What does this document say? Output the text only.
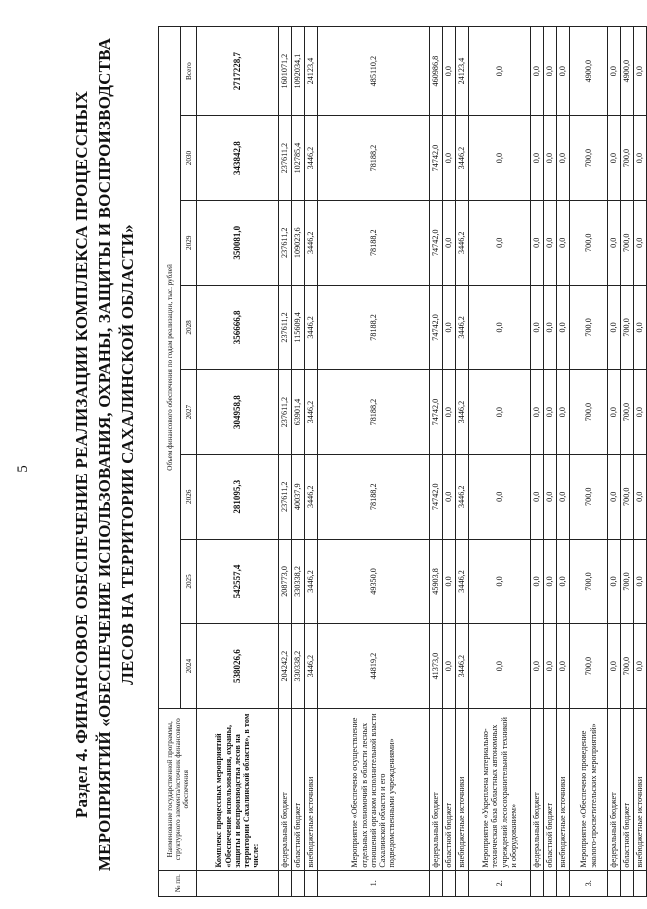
5 Раздел 4. ФИНАНСОВОЕ ОБЕСПЕЧЕНИЕ РЕАЛИЗАЦИИ КОМПЛЕКСА ПРОЦЕССНЫХ МЕРОПРИЯТИЙ «ОБЕСПЕЧЕНИЕ ИСПОЛЬЗОВАНИЯ, ОХРАНЫ, ЗАЩИТЫ И ВОСПРОИЗВОДСТВА ЛЕСОВ НА ТЕРРИТОРИИ САХАЛИНСКОЙ ОБЛАСТИ»
№ пп.	Наименование государственной программы, структурного элемента/источник финансового обеспечения	Объем финансового обеспечения по годам реализации, тыс. рублей							
		2024	2025	2026	2027	2028	2029	2030	Всего
	Комплекс процессных мероприятий «Обеспечение использования, охраны, защиты и воспроизводства лесов на территории Сахалинской области», в том числе:	538026,6	542557,4	281095,3	304958,8	356666,8	350081,0	343842,8	2717228,7
	федеральный бюджет	204242,2	208773,0	237611,2	237611,2	237611,2	237611,2	237611,2	1601071,2
	областной бюджет	330338,2	330338,2	40037,9	63901,4	115609,4	109023,6	102785,4	1092034,1
	внебюджетные источники	3446,2	3446,2	3446,2	3446,2	3446,2	3446,2	3446,2	24123,4
1.	Мероприятие «Обеспечено осуществление отдельных полномочий в области лесных отношений органом исполнительной власти Сахалинской области и его подведомственными учреждениями»	44819,2	49350,0	78188,2	78188,2	78188,2	78188,2	78188,2	485110,2
	федеральный бюджет	41373,0	45903,8	74742,0	74742,0	74742,0	74742,0	74742,0	460986,8
	областной бюджет	0,0	0,0	0,0	0,0	0,0	0,0	0,0	0,0
	внебюджетные источники	3446,2	3446,2	3446,2	3446,2	3446,2	3446,2	3446,2	24123,4
2.	Мероприятие «Укреплена материально-техническая база областных автономных учреждений лесосохранительной техникой и оборудованием»	0,0	0,0	0,0	0,0	0,0	0,0	0,0	0,0
	федеральный бюджет	0,0	0,0	0,0	0,0	0,0	0,0	0,0	0,0
	областной бюджет	0,0	0,0	0,0	0,0	0,0	0,0	0,0	0,0
	внебюджетные источники	0,0	0,0	0,0	0,0	0,0	0,0	0,0	0,0
3.	Мероприятие «Обеспечено проведение эколого-просветительских мероприятий»	700,0	700,0	700,0	700,0	700,0	700,0	700,0	4900,0
	федеральный бюджет	0,0	0,0	0,0	0,0	0,0	0,0	0,0	0,0
	областной бюджет	700,0	700,0	700,0	700,0	700,0	700,0	700,0	4900,0
	внебюджетные источники	0,0	0,0	0,0	0,0	0,0	0,0	0,0	0,0
